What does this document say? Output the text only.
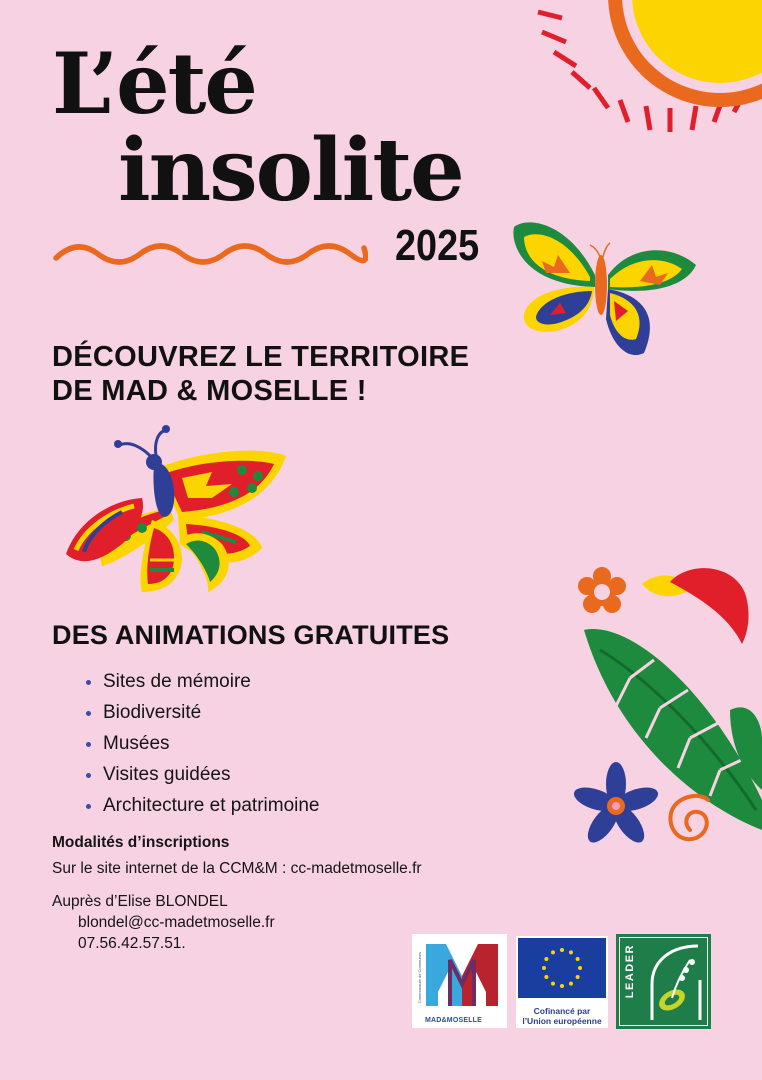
L’été
insolite
2025
DÉCOUVREZ LE TERRITOIRE
DE MAD & MOSELLE !
DES ANIMATIONS GRATUITES
Sites de mémoire
Biodiversité
Musées
Visites guidées
Architecture et patrimoine
Modalités d’inscriptions
Sur le site internet de la CCM&M : cc-madetmoselle.fr
Auprès d’Elise BLONDEL
blondel@cc-madetmoselle.fr
07.56.42.57.51.
Communauté de Communes
MAD&MOSELLE
Cofinancé par
l’Union européenne
LEADER
